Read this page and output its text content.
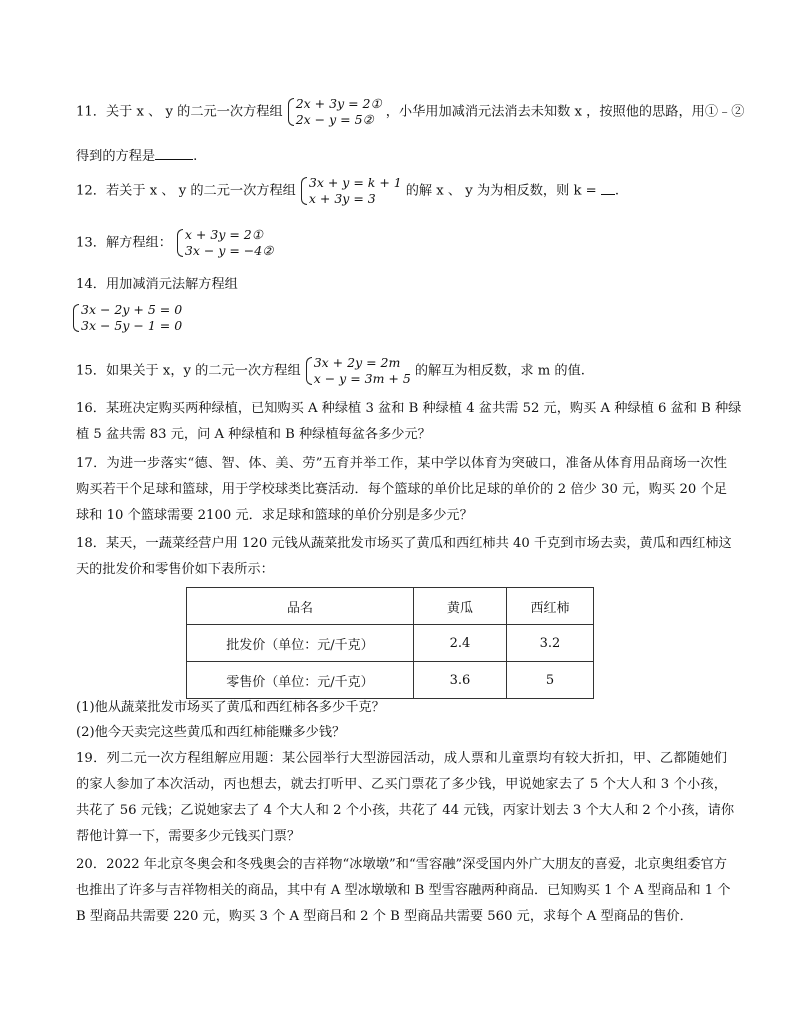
11．关于 x 、 y 的二元一次方程组
2x + 3y = 2①
2x − y = 5② ，小华用加减消元法消去未知数 x ，按照他的思路，用①﹣②
得到的方程是	.
12．若关于 x 、 y 的二元一次方程组
3x + y = k + 1
x + 3y = 3	的解 x 、 y 为为相反数，则 k = .
13．解方程组：
x + 3y = 2①
3x − y = −4②
14．用加减消元法解方程组
3x − 2y + 5 = 0
3x − 5y − 1 = 0
15．如果关于 x，y 的二元一次方程组
3x + 2y = 2m
x − y = 3m + 5 的解互为相反数，求 m 的值.
16．某班决定购买两种绿植，已知购买 A 种绿植 3 盆和 B 种绿植 4 盆共需 52 元，购买 A 种绿植 6 盆和 B 种绿
植 5 盆共需 83 元，问 A 种绿植和 B 种绿植每盆各多少元？
17．为进一步落实“德、智、体、美、劳”五育并举工作，某中学以体育为突破口，准备从体育用品商场一次性
购买若干个足球和篮球，用于学校球类比赛活动．每个篮球的单价比足球的单价的 2 倍少 30 元，购买 20 个足
球和 10 个篮球需要 2100 元．求足球和篮球的单价分别是多少元？
18．某天，一蔬菜经营户用 120 元钱从蔬菜批发市场买了黄瓜和西红柿共 40 千克到市场去卖，黄瓜和西红柿这
天的批发价和零售价如下表所示：
品名	黄瓜	西红柿
批发价（单位：元/千克）	2.4	3.2
零售价（单位：元/千克）	3.6	5
(1)他从蔬菜批发市场买了黄瓜和西红柿各多少千克？
(2)他今天卖完这些黄瓜和西红柿能赚多少钱？
19．列二元一次方程组解应用题：某公园举行大型游园活动，成人票和儿童票均有较大折扣，甲、乙都随她们
的家人参加了本次活动，丙也想去，就去打听甲、乙买门票花了多少钱，甲说她家去了 5 个大人和 3 个小孩，
共花了 56 元钱；乙说她家去了 4 个大人和 2 个小孩，共花了 44 元钱，丙家计划去 3 个大人和 2 个小孩，请你
帮他计算一下，需要多少元钱买门票？
20．2022 年北京冬奥会和冬残奥会的吉祥物“冰墩墩”和“雪容融”深受国内外广大朋友的喜爱，北京奥组委官方
也推出了许多与吉祥物相关的商品，其中有 A 型冰墩墩和 B 型雪容融两种商品．已知购买 1 个 A 型商品和 1 个
B 型商品共需要 220 元，购买 3 个 A 型商吕和 2 个 B 型商品共需要 560 元，求每个 A 型商品的售价．
